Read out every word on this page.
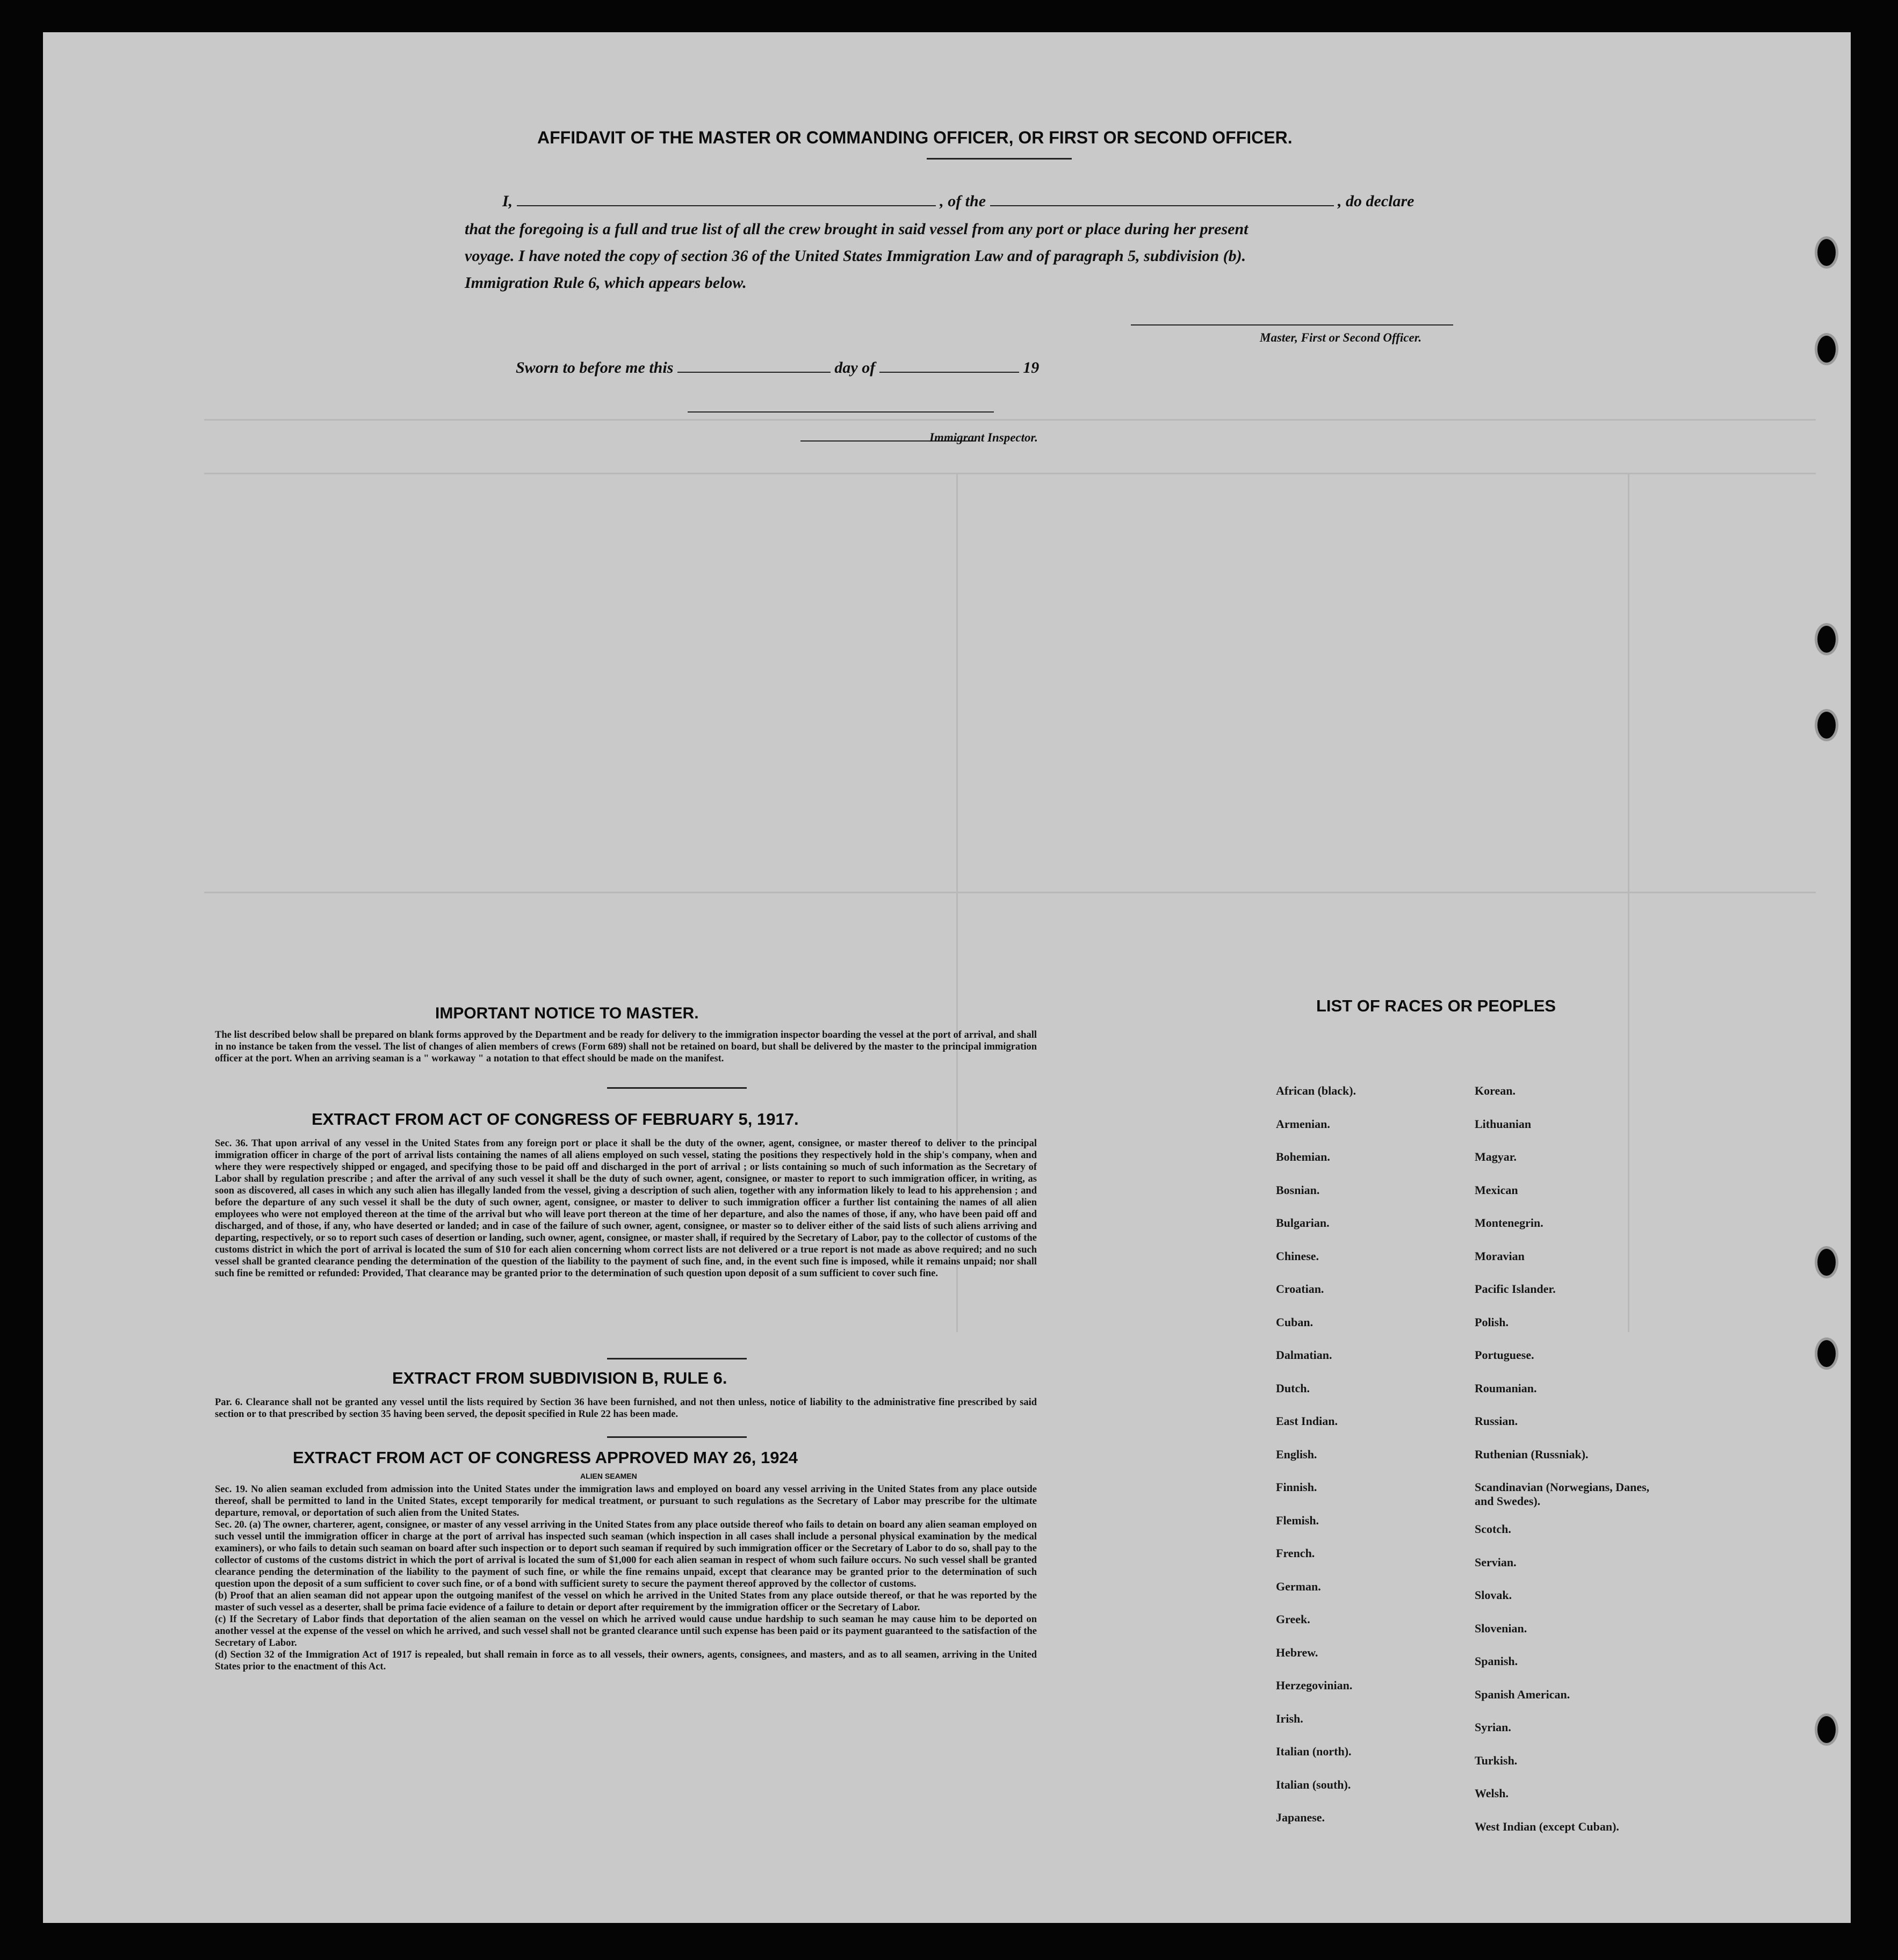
AFFIDAVIT OF THE MASTER OR COMMANDING OFFICER, OR FIRST OR SECOND OFFICER.
I,	, of the	, do declare
that the foregoing is a full and true list of all the crew brought in said vessel from any port or place during her present
voyage. I have noted the copy of section 36 of the United States Immigration Law and of paragraph 5, subdivision (b).
Immigration Rule 6, which appears below.
Master, First or Second Officer.
Sworn to before me this	day of	19
Immigrant Inspector.
IMPORTANT NOTICE TO MASTER.
The list described below shall be prepared on blank forms approved by the Department and be ready for delivery to the immigration inspector boarding the vessel at the port of arrival, and shall in no instance be taken from the vessel. The list of changes of alien members of crews (Form 689) shall not be retained on board, but shall be delivered by the master to the principal immigration officer at the port. When an arriving seaman is a " workaway " a notation to that effect should be made on the manifest.
EXTRACT FROM ACT OF CONGRESS OF FEBRUARY 5, 1917.
Sec. 36. That upon arrival of any vessel in the United States from any foreign port or place it shall be the duty of the owner, agent, consignee, or master thereof to deliver to the principal immigration officer in charge of the port of arrival lists containing the names of all aliens employed on such vessel, stating the positions they respectively hold in the ship's company, when and where they were respectively shipped or engaged, and specifying those to be paid off and discharged in the port of arrival ; or lists containing so much of such information as the Secretary of Labor shall by regulation prescribe ; and after the arrival of any such vessel it shall be the duty of such owner, agent, consignee, or master to report to such immigration officer, in writing, as soon as discovered, all cases in which any such alien has illegally landed from the vessel, giving a description of such alien, together with any information likely to lead to his apprehension ; and before the departure of any such vessel it shall be the duty of such owner, agent, consignee, or master to deliver to such immigration officer a further list containing the names of all alien employees who were not employed thereon at the time of the arrival but who will leave port thereon at the time of her departure, and also the names of those, if any, who have been paid off and discharged, and of those, if any, who have deserted or landed; and in case of the failure of such owner, agent, consignee, or master so to deliver either of the said lists of such aliens arriving and departing, respectively, or so to report such cases of desertion or landing, such owner, agent, consignee, or master shall, if required by the Secretary of Labor, pay to the collector of customs of the customs district in which the port of arrival is located the sum of $10 for each alien concerning whom correct lists are not delivered or a true report is not made as above required; and no such vessel shall be granted clearance pending the determination of the question of the liability to the payment of such fine, and, in the event such fine is imposed, while it remains unpaid; nor shall such fine be remitted or refunded: Provided, That clearance may be granted prior to the determination of such question upon deposit of a sum sufficient to cover such fine.
EXTRACT FROM SUBDIVISION B, RULE 6.
Par. 6. Clearance shall not be granted any vessel until the lists required by Section 36 have been furnished, and not then unless, notice of liability to the administrative fine prescribed by said section or to that prescribed by section 35 having been served, the deposit specified in Rule 22 has been made.
EXTRACT FROM ACT OF CONGRESS APPROVED MAY 26, 1924
ALIEN SEAMEN
Sec. 19. No alien seaman excluded from admission into the United States under the immigration laws and employed on board any vessel arriving in the United States from any place outside thereof, shall be permitted to land in the United States, except temporarily for medical treatment, or pursuant to such regulations as the Secretary of Labor may prescribe for the ultimate departure, removal, or deportation of such alien from the United States.
Sec. 20. (a) The owner, charterer, agent, consignee, or master of any vessel arriving in the United States from any place outside thereof who fails to detain on board any alien seaman employed on such vessel until the immigration officer in charge at the port of arrival has inspected such seaman (which inspection in all cases shall include a personal physical examination by the medical examiners), or who fails to detain such seaman on board after such inspection or to deport such seaman if required by such immigration officer or the Secretary of Labor to do so, shall pay to the collector of customs of the customs district in which the port of arrival is located the sum of $1,000 for each alien seaman in respect of whom such failure occurs. No such vessel shall be granted clearance pending the determination of the liability to the payment of such fine, or while the fine remains unpaid, except that clearance may be granted prior to the determination of such question upon the deposit of a sum sufficient to cover such fine, or of a bond with sufficient surety to secure the payment thereof approved by the collector of customs.
(b) Proof that an alien seaman did not appear upon the outgoing manifest of the vessel on which he arrived in the United States from any place outside thereof, or that he was reported by the master of such vessel as a deserter, shall be prima facie evidence of a failure to detain or deport after requirement by the immigration officer or the Secretary of Labor.
(c) If the Secretary of Labor finds that deportation of the alien seaman on the vessel on which he arrived would cause undue hardship to such seaman he may cause him to be deported on another vessel at the expense of the vessel on which he arrived, and such vessel shall not be granted clearance until such expense has been paid or its payment guaranteed to the satisfaction of the Secretary of Labor.
(d) Section 32 of the Immigration Act of 1917 is repealed, but shall remain in force as to all vessels, their owners, agents, consignees, and masters, and as to all seamen, arriving in the United States prior to the enactment of this Act.
LIST OF RACES OR PEOPLES
African (black).
Armenian.
Bohemian.
Bosnian.
Bulgarian.
Chinese.
Croatian.
Cuban.
Dalmatian.
Dutch.
East Indian.
English.
Finnish.
Flemish.
French.
German.
Greek.
Hebrew.
Herzegovinian.
Irish.
Italian (north).
Italian (south).
Japanese.
Korean.
Lithuanian
Magyar.
Mexican
Montenegrin.
Moravian
Pacific Islander.
Polish.
Portuguese.
Roumanian.
Russian.
Ruthenian (Russniak).
Scandinavian (Norwegians, Danes, and Swedes).
Scotch.
Servian.
Slovak.
Slovenian.
Spanish.
Spanish American.
Syrian.
Turkish.
Welsh.
West Indian (except Cuban).
